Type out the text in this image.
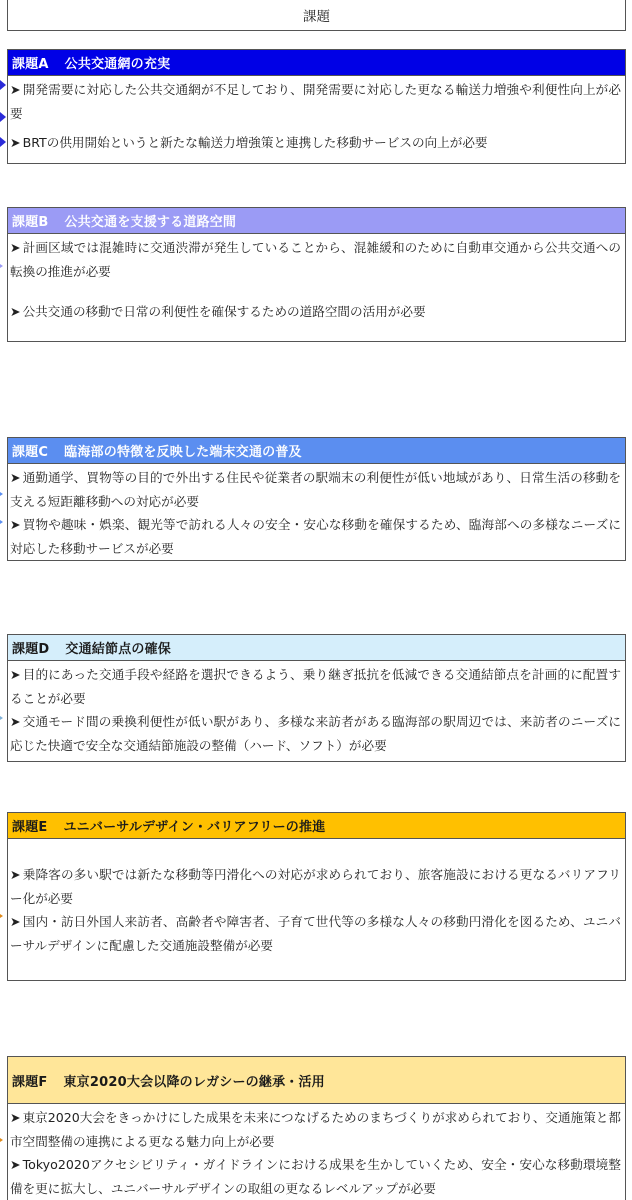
課題
課題A 公共交通網の充実
➤ 開発需要に対応した公共交通網が不足しており、開発需要に対応した更なる輸送力増強や利便性向上が必要
➤ BRTの供用開始というと新たな輸送力増強策と連携した移動サービスの向上が必要
課題B 公共交通を支援する道路空間
➤ 計画区域では混雑時に交通渋滞が発生していることから、混雑緩和のために自動車交通から公共交通への転換の推進が必要
➤ 公共交通の移動で日常の利便性を確保するための道路空間の活用が必要
課題C 臨海部の特徴を反映した端末交通の普及
➤ 通勤通学、買物等の目的で外出する住民や従業者の駅端末の利便性が低い地域があり、日常生活の移動を支える短距離移動への対応が必要
➤ 買物や趣味・娯楽、観光等で訪れる人々の安全・安心な移動を確保するため、臨海部への多様なニーズに対応した移動サービスが必要
課題D 交通結節点の確保
➤ 目的にあった交通手段や経路を選択できるよう、乗り継ぎ抵抗を低減できる交通結節点を計画的に配置することが必要
➤ 交通モード間の乗換利便性が低い駅があり、多様な来訪者がある臨海部の駅周辺では、来訪者のニーズに応じた快適で安全な交通結節施設の整備（ハード、ソフト）が必要
課題E ユニバーサルデザイン・バリアフリーの推進
➤ 乗降客の多い駅では新たな移動等円滑化への対応が求められており、旅客施設における更なるバリアフリー化が必要
➤ 国内・訪日外国人来訪者、高齢者や障害者、子育て世代等の多様な人々の移動円滑化を図るため、ユニバーサルデザインに配慮した交通施設整備が必要
課題F 東京2020大会以降のレガシーの継承・活用
➤ 東京2020大会をきっかけにした成果を未来につなげるためのまちづくりが求められており、交通施策と都市空間整備の連携による更なる魅力向上が必要
➤ Tokyo2020アクセシビリティ・ガイドラインにおける成果を生かしていくため、安全・安心な移動環境整備を更に拡大し、ユニバーサルデザインの取組の更なるレベルアップが必要
